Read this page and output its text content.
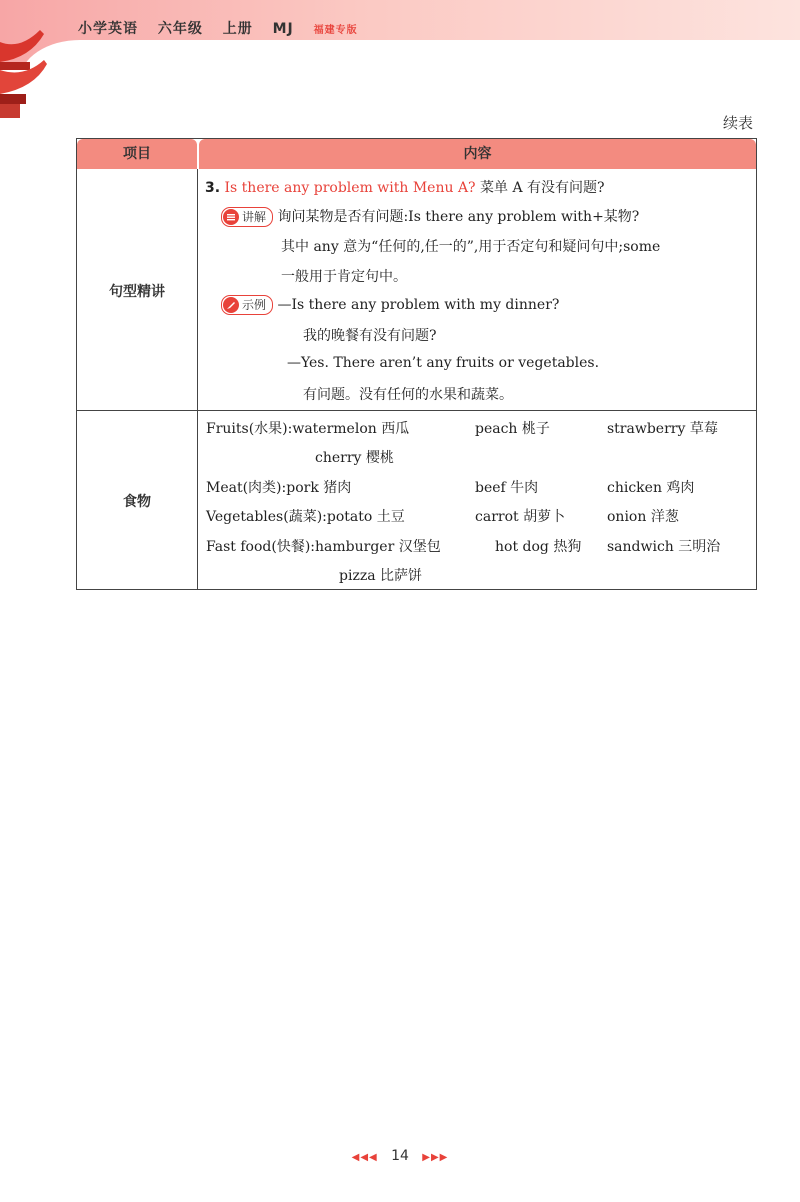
小学英语 六年级 上册 MJ 福建专版
续表
项目	内容
句型精讲
3. Is there any problem with Menu A? 菜单 A 有没有问题?
讲解 询问某物是否有问题:Is there any problem with+某物?
其中 any 意为“任何的,任一的”,用于否定句和疑问句中;some
一般用于肯定句中。
示例 —Is there any problem with my dinner?
我的晚餐有没有问题?
—Yes. There aren’t any fruits or vegetables.
有问题。没有任何的水果和蔬菜。
食物
Fruits(水果):watermelon 西瓜	peach 桃子	strawberry 草莓
cherry 樱桃
Meat(肉类):pork 猪肉	beef 牛肉	chicken 鸡肉
Vegetables(蔬菜):potato 土豆	carrot 胡萝卜	onion 洋葱
Fast food(快餐):hamburger 汉堡包	hot dog 热狗 sandwich 三明治
pizza 比萨饼
◀◀◀ 14 ▶▶▶
